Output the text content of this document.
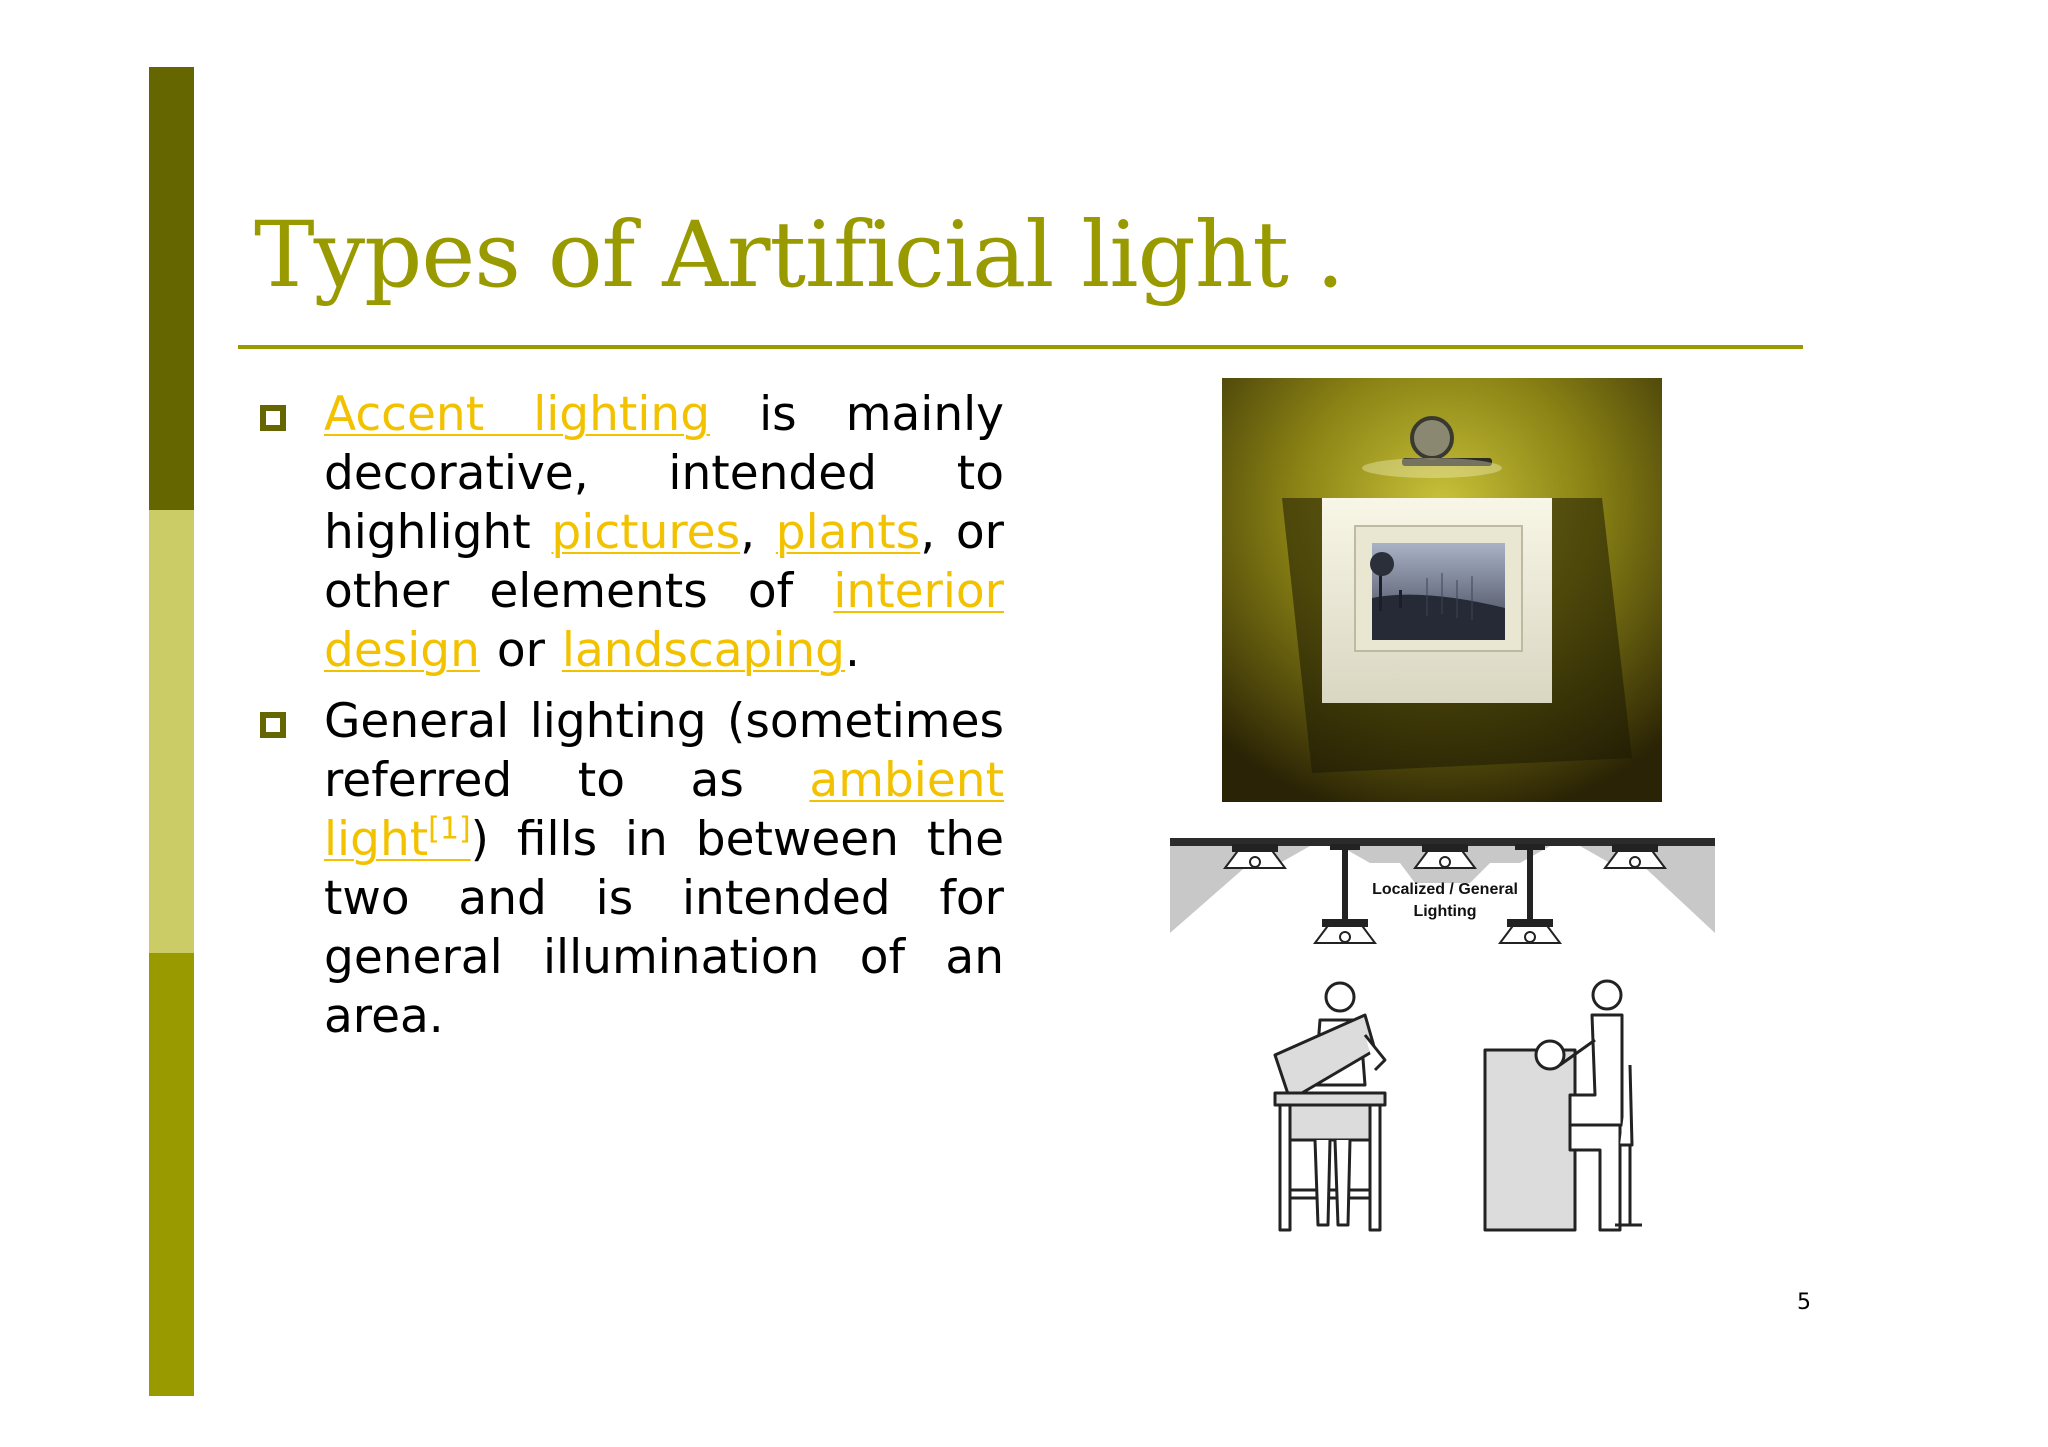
Types of Artificial light .
Accent lighting is mainly decorative, intended to highlight pictures, plants, or other elements of interior design or landscaping.
General lighting (sometimes referred to as ambient light[1]) fills in between the two and is intended for general illumination of an area.
Localized / General
Lighting
5
